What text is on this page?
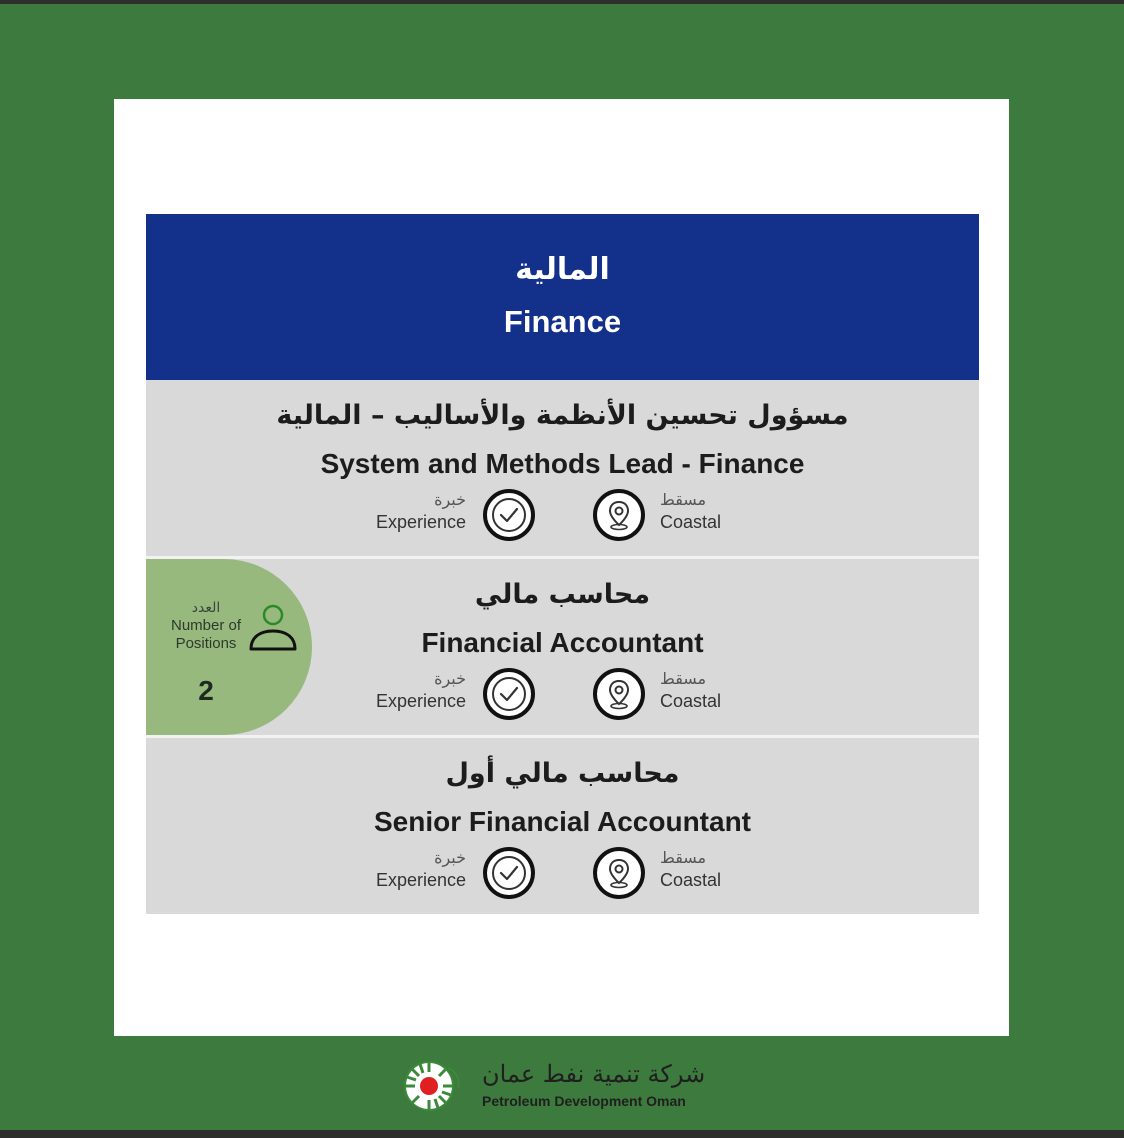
المالية
Finance
مسؤول تحسين الأنظمة والأساليب – المالية
System and Methods Lead - Finance
خبرة
Experience
مسقط
Coastal
العدد
Number of Positions
2
محاسب مالي
Financial Accountant
خبرة
Experience
مسقط
Coastal
محاسب مالي أول
Senior Financial Accountant
خبرة
Experience
مسقط
Coastal
شركة تنمية نفط عمان
Petroleum Development Oman
